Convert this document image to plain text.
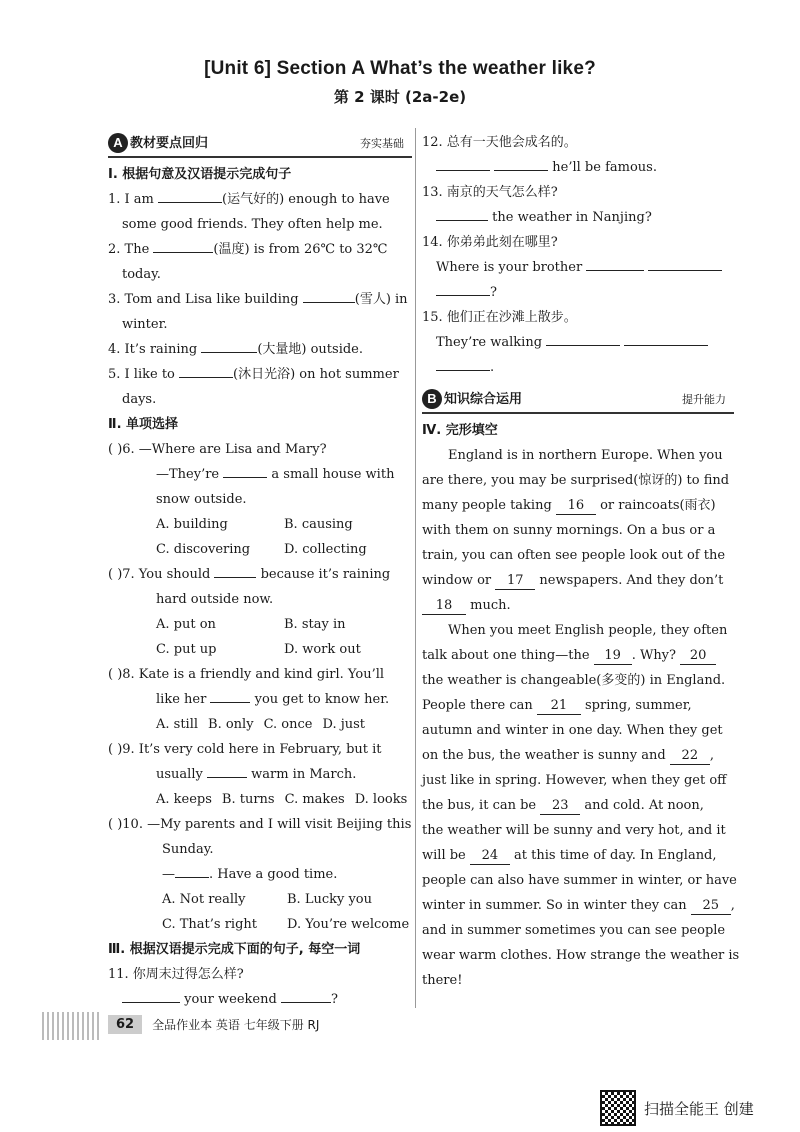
[Unit 6] Section A What’s the weather like?
第 2 课时 (2a-2e)
A 教材要点回归	夯实基础
Ⅰ. 根据句意及汉语提示完成句子
1. I am	(运气好的) enough to have
some good friends. They often help me.
2. The	(温度) is from 26℃ to 32℃
today.
3. Tom and Lisa like building	(雪人) in
winter.
4. It’s raining	(大量地) outside.
5. I like to	(沐日光浴) on hot summer
days.
Ⅱ. 单项选择
( )6. —Where are Lisa and Mary?
—They’re	a small house with
snow outside.
A. building	B. causing
C. discovering	D. collecting
( )7. You should	because it’s raining
hard outside now.
A. put on	B. stay in
C. put up	D. work out
( )8. Kate is a friendly and kind girl. You’ll
like her	you get to know her.
A. still B. only C. once D. just
( )9. It’s very cold here in February, but it
usually	warm in March.
A. keeps B. turns C. makes D. looks
( )10. —My parents and I will visit Beijing this
Sunday.
—	. Have a good time.
A. Not really	B. Lucky you
C. That’s right	D. You’re welcome
Ⅲ. 根据汉语提示完成下面的句子, 每空一词
11. 你周末过得怎么样?
your weekend	?
12. 总有一天他会成名的。
he’ll be famous.
13. 南京的天气怎么样?
the weather in Nanjing?
14. 你弟弟此刻在哪里?
Where is your brother
?
15. 他们正在沙滩上散步。
They’re walking
.
B 知识综合运用	提升能力
Ⅳ. 完形填空
England is in northern Europe. When you
are there, you may be surprised(惊讶的) to find
many people taking 16 or raincoats(雨衣)
with them on sunny mornings. On a bus or a
train, you can often see people look out of the
window or 17 newspapers. And they don’t
18 much.
When you meet English people, they often
talk about one thing—the 19 . Why? 20
the weather is changeable(多变的) in England.
People there can 21 spring, summer,
autumn and winter in one day. When they get
on the bus, the weather is sunny and 22 ,
just like in spring. However, when they get off
the bus, it can be 23 and cold. At noon,
the weather will be sunny and very hot, and it
will be 24 at this time of day. In England,
people can also have summer in winter, or have
winter in summer. So in winter they can 25 ,
and in summer sometimes you can see people
wear warm clothes. How strange the weather is
there!
62	全品作业本 英语 七年级下册 RJ
扫描全能王 创建
